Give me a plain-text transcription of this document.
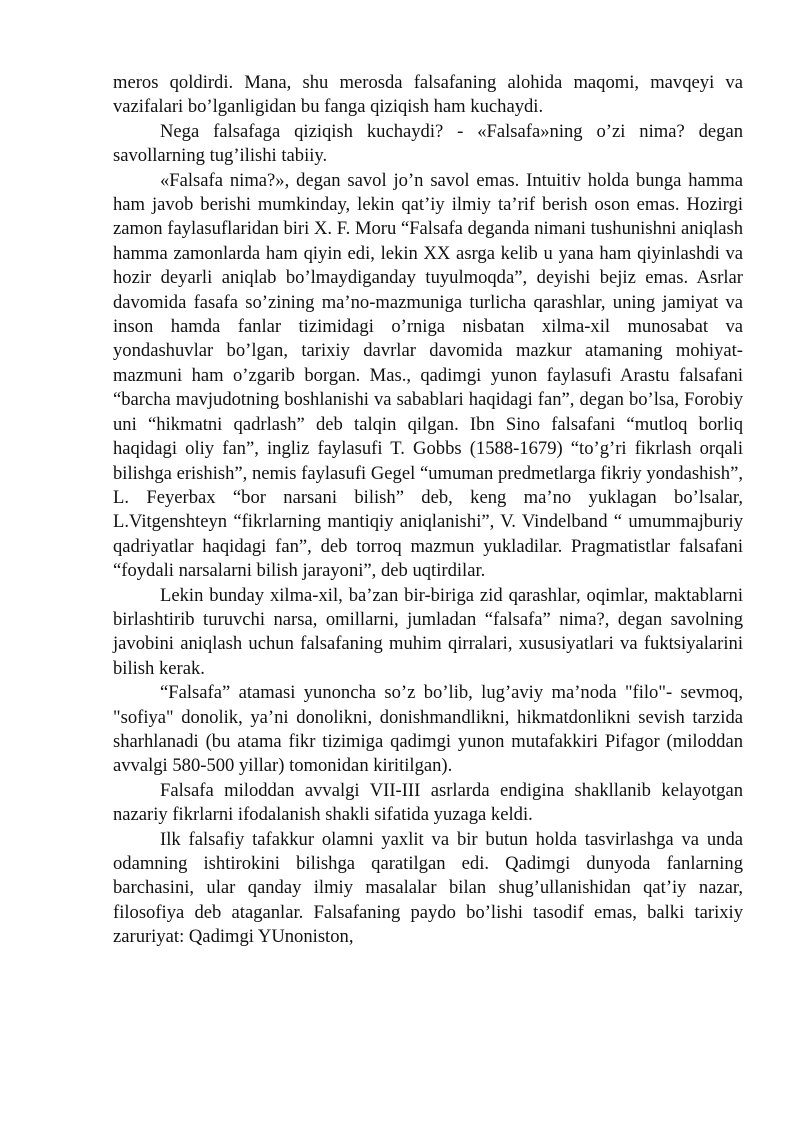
meros qoldirdi. Mana, shu merosda falsafaning alohida maqomi, mavqeyi va vazifalari bo’lganligidan bu fanga qiziqish ham kuchaydi.

Nega falsafaga qiziqish kuchaydi? - «Falsafa»ning o’zi nima? degan savollarning tug’ilishi tabiiy.

«Falsafa nima?», degan savol jo’n savol emas. Intuitiv holda bunga hamma ham javob berishi mumkinday, lekin qat’iy ilmiy ta’rif berish oson emas. Hozirgi zamon faylasuflaridan biri X. F. Moru “Falsafa deganda nimani tushunishni aniqlash hamma zamonlarda ham qiyin edi, lekin XX asrga kelib u yana ham qiyinlashdi va hozir deyarli aniqlab bo’lmaydiganday tuyulmoqda”, deyishi bejiz emas. Asrlar davomida fasafa so’zining ma’no-mazmuniga turlicha qarashlar, uning jamiyat va inson hamda fanlar tizimidagi o’rniga nisbatan xilma-xil munosabat va yondashuvlar bo’lgan, tarixiy davrlar davomida mazkur atamaning mohiyat-mazmuni ham o’zgarib borgan. Mas., qadimgi yunon faylasufi Arastu falsafani “barcha mavjudotning boshlanishi va sabablari haqidagi fan”, degan bo’lsa, Forobiy uni “hikmatni qadrlash” deb talqin qilgan. Ibn Sino falsafani “mutloq borliq haqidagi oliy fan”, ingliz faylasufi T. Gobbs (1588-1679) “to’g’ri fikrlash orqali bilishga erishish”, nemis faylasufi Gegel “umuman predmetlarga fikriy yondashish”, L. Feyerbax “bor narsani bilish” deb, keng ma’no yuklagan bo’lsalar, L.Vitgenshteyn “fikrlarning mantiqiy aniqlanishi”, V. Vindelband “ umummajburiy qadriyatlar haqidagi fan”, deb torroq mazmun yukladilar. Pragmatistlar falsafani “foydali narsalarni bilish jarayoni”, deb uqtirdilar.

Lekin bunday xilma-xil, ba’zan bir-biriga zid qarashlar, oqimlar, maktablarni birlashtirib turuvchi narsa, omillarni, jumladan “falsafa” nima?, degan savolning javobini aniqlash uchun falsafaning muhim qirralari, xususiyatlari va fuktsiyalarini bilish kerak.

“Falsafa” atamasi yunoncha so’z bo’lib, lug’aviy ma’noda "filo"- sevmoq, "sofiya" donolik, ya’ni donolikni, donishmandlikni, hikmatdonlikni sevish tarzida sharhlanadi (bu atama fikr tizimiga qadimgi yunon mutafakkiri Pifagor (miloddan avvalgi 580-500 yillar) tomonidan kiritilgan).

Falsafa miloddan avvalgi VII-III asrlarda endigina shakllanib kelayotgan nazariy fikrlarni ifodalanish shakli sifatida yuzaga keldi.

Ilk falsafiy tafakkur olamni yaxlit va bir butun holda tasvirlashga va unda odamning ishtirokini bilishga qaratilgan edi. Qadimgi dunyoda fanlarning barchasini, ular qanday ilmiy masalalar bilan shug’ullanishidan qat’iy nazar, filosofiya deb ataganlar. Falsafaning paydo bo’lishi tasodif emas, balki tarixiy zaruriyat: Qadimgi YUnoniston,
